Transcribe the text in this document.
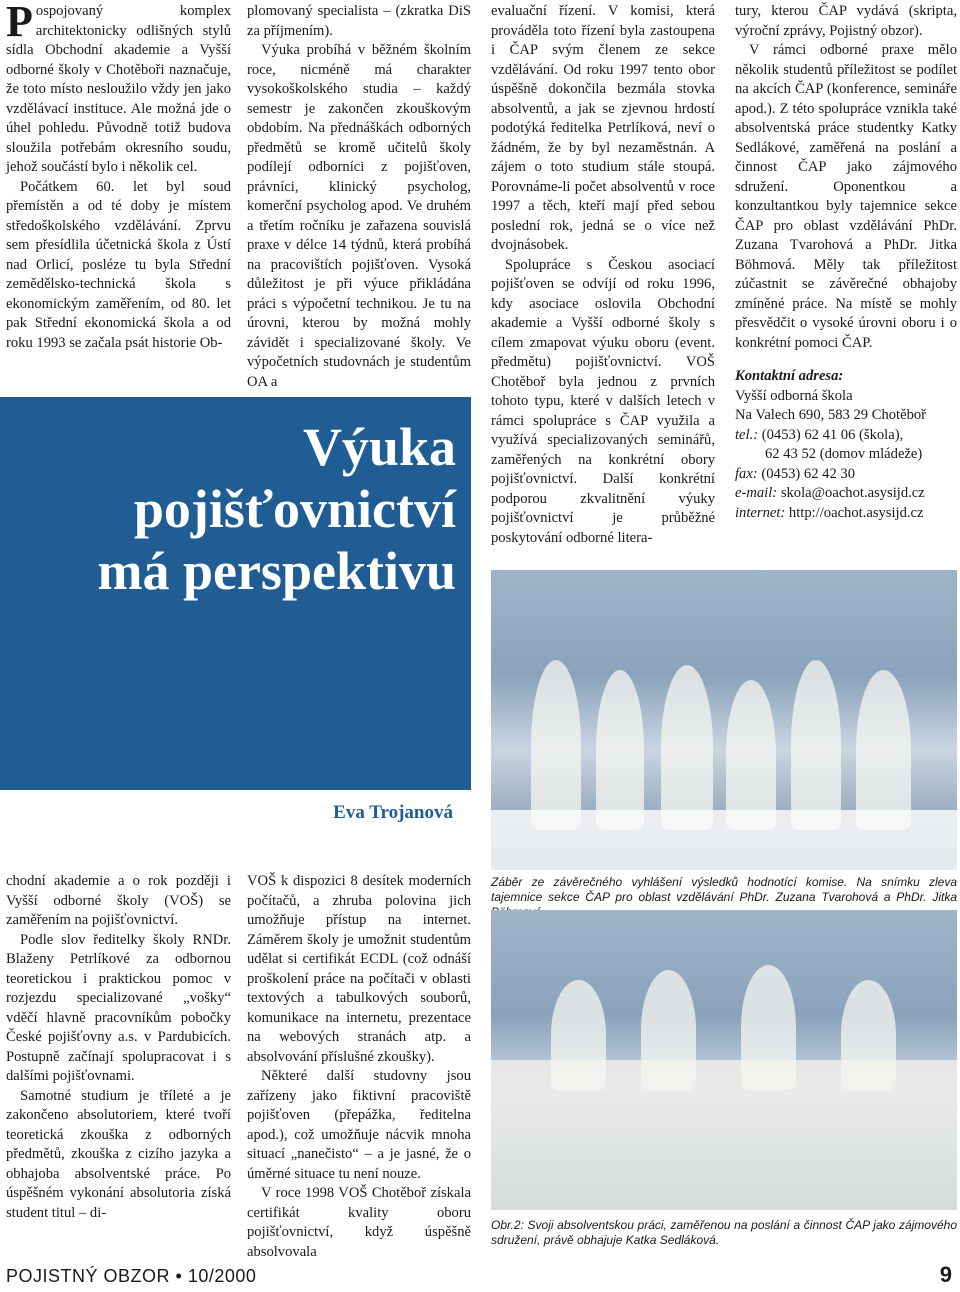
Pospojovaný komplex architektonicky odlišných stylů sídla Obchodní akademie a Vyšší odborné školy v Chotěboři naznačuje, že toto místo nesloužilo vždy jen jako vzdělávací instituce. Ale možná jde o úhel pohledu. Původně totiž budova sloužila potřebám okresního soudu, jehož součástí bylo i několik cel.

Počátkem 60. let byl soud přemístěn a od té doby je místem středoškolského vzdělávání. Zprvu sem přesídlila účetnická škola z Ústí nad Orlicí, posléze tu byla Střední zemědělsko-technická škola s ekonomickým zaměřením, od 80. let pak Střední ekonomická škola a od roku 1993 se začala psát historie Ob-

plomovaný specialista – (zkratka DiS za příjmením).

Výuka probíhá v běžném školním roce, nicméně má charakter vysokoškolského studia – každý semestr je zakončen zkouškovým obdobím. Na přednáškách odborných předmětů se kromě učitelů školy podílejí odborníci z pojišťoven, právníci, klinický psycholog, komerční psycholog apod. Ve druhém a třetím ročníku je zařazena souvislá praxe v délce 14 týdnů, která probíhá na pracovištích pojišťoven. Vysoká důležitost je při výuce přikládána práci s výpočetní technikou. Je tu na úrovni, kterou by možná mohly závidět i specializované školy. Ve výpočetních studovnách je studentům OA a

Výuka
pojišťovnictví
má perspektivu
Eva Trojanová

evaluační řízení. V komisi, která prováděla toto řízení byla zastoupena i ČAP svým členem ze sekce vzdělávání. Od roku 1997 tento obor úspěšně dokončila bezmála stovka absolventů, a jak se zjevnou hrdostí podotýká ředitelka Petrlíková, neví o žádném, že by byl nezaměstnán. A zájem o toto studium stále stoupá. Porovnáme-li počet absolventů v roce 1997 a těch, kteří mají před sebou poslední rok, jedná se o více než dvojnásobek.

Spolupráce s Českou asociací pojišťoven se odvíjí od roku 1996, kdy asociace oslovila Obchodní akademie a Vyšší odborné školy s cílem zmapovat výuku oboru (event. předmětu) pojišťovnictví. VOŠ Chotěboř byla jednou z prvních tohoto typu, které v dalších letech v rámci spolupráce s ČAP využila a využívá specializovaných seminářů, zaměřených na konkrétní obory pojišťovnictví. Další konkrétní podporou zkvalitnění výuky pojišťovnictví je průběžné poskytování odborné litera-

tury, kterou ČAP vydává (skripta, výroční zprávy, Pojistný obzor).

V rámci odborné praxe mělo několik studentů příležitost se podílet na akcích ČAP (konference, semináře apod.). Z této spolupráce vznikla také absolventská práce studentky Katky Sedlákové, zaměřená na poslání a činnost ČAP jako zájmového sdružení. Oponentkou a konzultantkou byly tajemnice sekce ČAP pro oblast vzdělávání PhDr. Zuzana Tvarohová a PhDr. Jitka Böhmová. Měly tak příležitost zúčastnit se závěrečné obhajoby zmíněné práce. Na místě se mohly přesvědčit o vysoké úrovni oboru i o konkrétní pomoci ČAP.

Kontaktní adresa:

Vyšší odborná škola

Na Valech 690, 583 29 Chotěboř

tel.: (0453) 62 41 06 (škola),

62 43 52 (domov mládeže)

fax: (0453) 62 42 30

e-mail: skola@oachot.asysijd.cz

internet: http://oachot.asysijd.cz

Záběr ze závěrečného vyhlášení výsledků hodnotící komise. Na snímku zleva tajemnice sekce ČAP pro oblast vzdělávání PhDr. Zuzana Tvarohová a PhDr. Jitka

chodní akademie a o rok později i Vyšší odborné školy (VOŠ) se zaměřením na pojišťovnictví.

Podle slov ředitelky školy RNDr. Blaženy Petrlíkové za odbornou teoretickou i praktickou pomoc v rozjezdu specializované „vošky“ vděčí hlavně pracovníkům pobočky České pojišťovny a.s. v Pardubicích. Postupně začínají spolupracovat i s dalšími pojišťovnami.

Samotné studium je tříleté a je zakončeno absolutoriem, které tvoří teoretická zkouška z odborných předmětů, zkouška z cizího jazyka a obhajoba absolventské práce. Po úspěšném vykonání absolutoria získá student titul – di-

VOŠ k dispozici 8 desítek moderních počítačů, a zhruba polovina jich umožňuje přístup na internet. Záměrem školy je umožnit studentům udělat si certifikát ECDL (což odnáší proškolení práce na počítači v oblasti textových a tabulkových souborů, komunikace na internetu, prezentace na webových stranách atp. a absolvování příslušné zkoušky).

Některé další studovny jsou zařízeny jako fiktivní pracoviště pojišťoven (přepážka, ředitelna apod.), což umožňuje nácvik mnoha situací „nanečisto“ – a je jasné, že o úměrné situace tu není nouze.

V roce 1998 VOŠ Chotěboř získala certifikát kvality oboru pojišťovnictví, když úspěšně absolvovala

Obr.2: Svoji absolventskou práci, zaměřenou na poslání a činnost ČAP jako zájmového sdružení, právě obhajuje Katka Sedláková.
POJISTNÝ OBZOR • 10/2000	9
